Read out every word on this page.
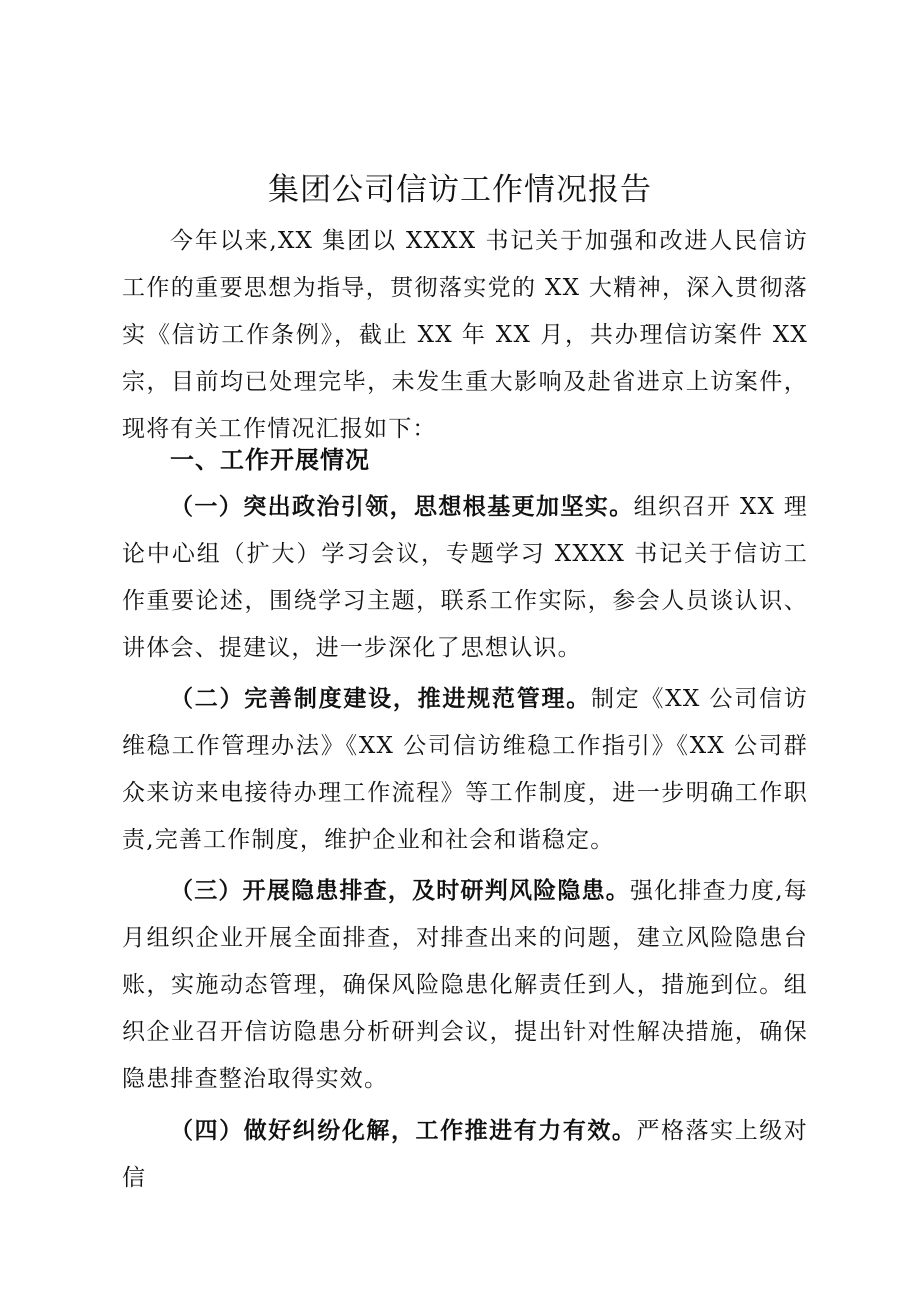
集团公司信访工作情况报告

今年以来,XX 集团以 XXXX 书记关于加强和改进人民信访工作的重要思想为指导，贯彻落实党的 XX 大精神，深入贯彻落实《信访工作条例》，截止 XX 年 XX 月，共办理信访案件 XX 宗，目前均已处理完毕，未发生重大影响及赴省进京上访案件，现将有关工作情况汇报如下：

一、工作开展情况

（一）突出政治引领，思想根基更加坚实。组织召开 XX 理论中心组（扩大）学习会议，专题学习 XXXX 书记关于信访工作重要论述，围绕学习主题，联系工作实际，参会人员谈认识、讲体会、提建议，进一步深化了思想认识。

（二）完善制度建设，推进规范管理。制定《XX 公司信访维稳工作管理办法》《XX 公司信访维稳工作指引》《XX 公司群众来访来电接待办理工作流程》等工作制度，进一步明确工作职责,完善工作制度，维护企业和社会和谐稳定。

（三）开展隐患排查，及时研判风险隐患。强化排查力度,每月组织企业开展全面排查，对排查出来的问题，建立风险隐患台账，实施动态管理，确保风险隐患化解责任到人，措施到位。组织企业召开信访隐患分析研判会议，提出针对性解决措施，确保隐患排查整治取得实效。

（四）做好纠纷化解，工作推进有力有效。严格落实上级对信
